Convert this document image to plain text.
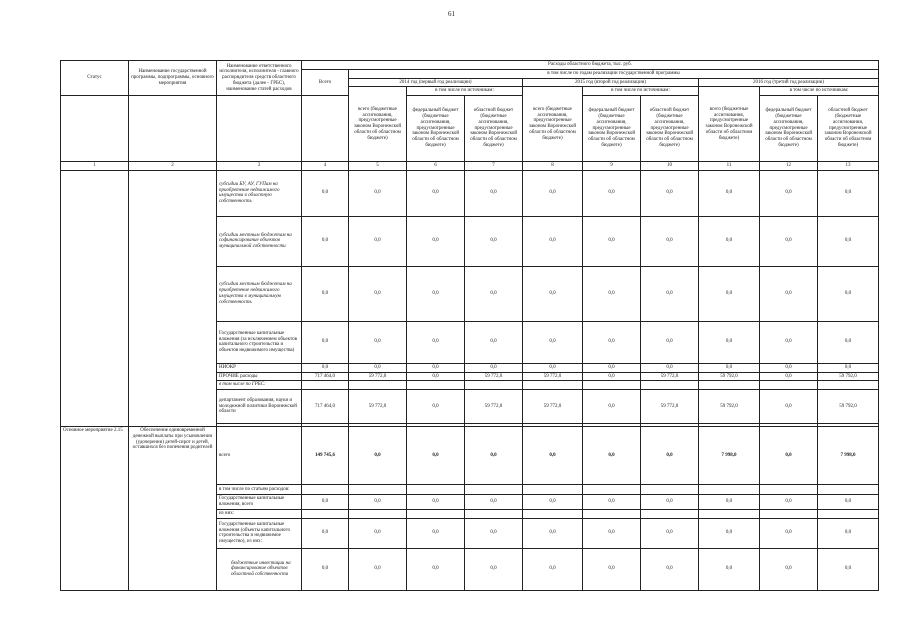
61
Статус	Наименование государственной программы, подпрограммы, основного мероприятия	Наименование ответственного исполнителя, исполнителя - главного распорядителя средств областного бюджета (далее - ГРБС), наименование статей расходов	Расходы областного бюджета, тыс. руб.									
			Всего	в том числе по годам реализации государственной программы								
				2014 год (первый год реализации)			2015 год (второй год реализации)			2016 год (третий год реализации)		
				всего (бюджетные ассигнования, предусмотренные законом Воронежской области об областном бюджете)	в том числе по источникам:		всего (бюджетные ассигнования, предусмотренные законом Воронежской области об областном бюджете)	в том числе по источникам:		всего (бюджетные ассигнования, предусмотренные законом Воронежской области об областном бюджете)	в том числе по источникам:	
					федеральный бюджет (бюджетные ассигнования, предусмотренные законом Воронежской области об областном бюджете)	областной бюджет (бюджетные ассигнования, предусмотренные законом Воронежской области об областном бюджете)		федеральный бюджет (бюджетные ассигнования, предусмотренные законом Воронежской области об областном бюджете)	областной бюджет (бюджетные ассигнования, предусмотренные законом Воронежской области об областном бюджете)		федеральный бюджет (бюджетные ассигнования, предусмотренные законом Воронежской области об областном бюджете)	областной бюджет (бюджетные ассигнования, предусмотренные законом Воронежской области об областном бюджете)
1	2	3	4	5	6	7	8	9	10	11	12	13
		субсидии БУ, АУ, ГУПам на приобретение недвижимого имущества в областную собственность	0,0	0,0	0,0	0,0	0,0	0,0	0,0	0,0	0,0	0,0
		субсидии местным бюджетам на софинансирование объектов муниципальной собственности	0,0	0,0	0,0	0,0	0,0	0,0	0,0	0,0	0,0	0,0
		субсидии местным бюджетам на приобретение недвижимого имущества в муниципальную собственность	0,0	0,0	0,0	0,0	0,0	0,0	0,0	0,0	0,0	0,0
		Государственные капитальные вложения (за исключением объектов капитального строительства и объектов недвижимого имущества)	0,0	0,0	0,0	0,0	0,0	0,0	0,0	0,0	0,0	0,0
		НИОКР	0,0	0,0	0,0	0,0	0,0	0,0	0,0	0,0	0,0	0,0
		ПРОЧИЕ расходы	717 464,0	59 772,0	0,0	59 772,0	59 772,0	0,0	59 772,0	59 792,0	0,0	59 792,0
		в том числе по ГРБС:										
		департамент образования, науки и молодежной политики Воронежской области	717 464,0	59 772,0	0,0	59 772,0	59 772,0	0,0	59 772,0	59 792,0	0,0	59 792,0

Основное мероприятие 2.15	Обеспечение единовременной денежной выплаты при усыновлении (удочерении) детей-сирот и детей, оставшихся без попечения родителей	всего	149 745,6	0,0	0,0	0,0	0,0	0,0	0,0	7 998,0	0,0	7 998,0
		в том числе по статьям расходов:										
		Государственные капитальные вложения, всего	0,0	0,0	0,0	0,0	0,0	0,0	0,0	0,0	0,0	0,0
		из них:										
		Государственные капитальные вложения (объекты капитального строительства и недвижимое имущество), из них:	0,0	0,0	0,0	0,0	0,0	0,0	0,0	0,0	0,0	0,0
		бюджетные инвестиции на финансирование объектов областной собственности	0,0	0,0	0,0	0,0	0,0	0,0	0,0	0,0	0,0	0,0
